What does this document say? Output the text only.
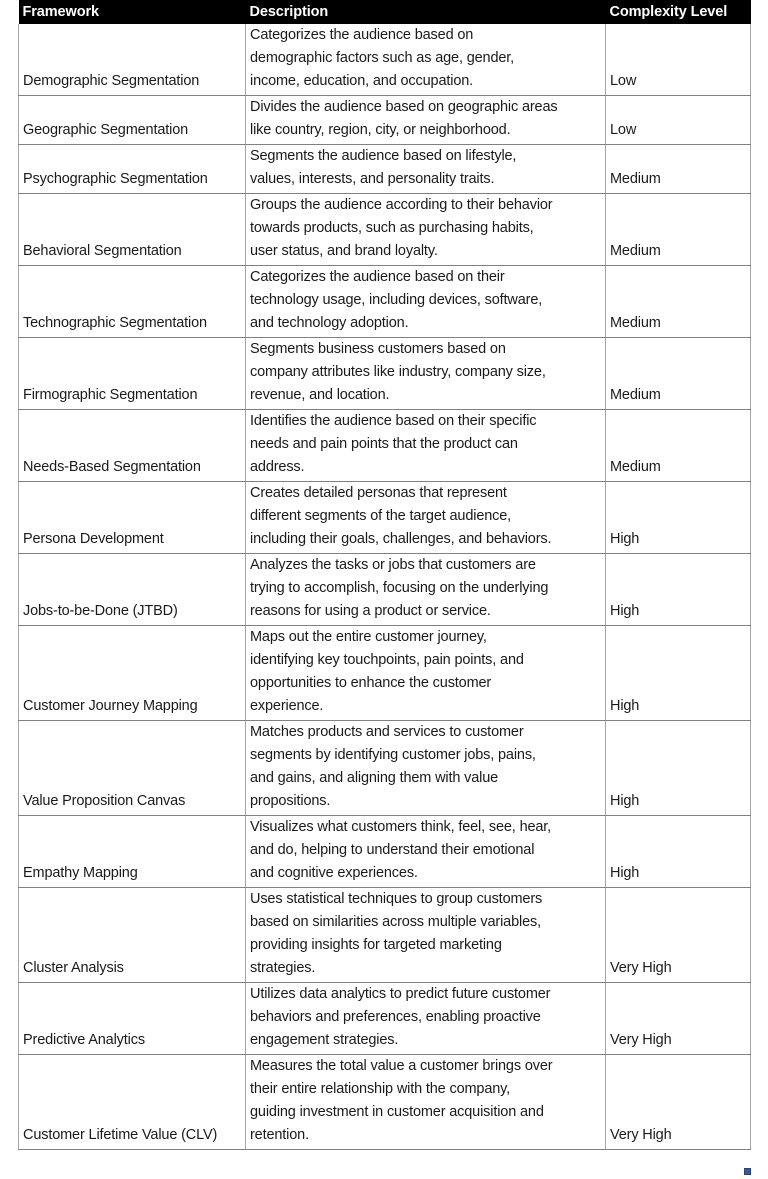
Framework	Description	Complexity Level

Demographic Segmentation	Categorizes the audience based on
demographic factors such as age, gender,
income, education, and occupation.	Low

Geographic Segmentation	Divides the audience based on geographic areas
like country, region, city, or neighborhood.	Low

Psychographic Segmentation	Segments the audience based on lifestyle,
values, interests, and personality traits.	Medium

Behavioral Segmentation	Groups the audience according to their behavior
towards products, such as purchasing habits,
user status, and brand loyalty.	Medium

Technographic Segmentation	Categorizes the audience based on their
technology usage, including devices, software,
and technology adoption.	Medium

Firmographic Segmentation	Segments business customers based on
company attributes like industry, company size,
revenue, and location.	Medium

Needs-Based Segmentation	Identifies the audience based on their specific
needs and pain points that the product can
address.	Medium

Persona Development	Creates detailed personas that represent
different segments of the target audience,
including their goals, challenges, and behaviors.	High

Jobs-to-be-Done (JTBD)	Analyzes the tasks or jobs that customers are
trying to accomplish, focusing on the underlying
reasons for using a product or service.	High

Customer Journey Mapping	Maps out the entire customer journey,
identifying key touchpoints, pain points, and
opportunities to enhance the customer
experience.	High

Value Proposition Canvas	Matches products and services to customer
segments by identifying customer jobs, pains,
and gains, and aligning them with value
propositions.	High

Empathy Mapping	Visualizes what customers think, feel, see, hear,
and do, helping to understand their emotional
and cognitive experiences.	High

Cluster Analysis	Uses statistical techniques to group customers
based on similarities across multiple variables,
providing insights for targeted marketing
strategies.	Very High

Predictive Analytics	Utilizes data analytics to predict future customer
behaviors and preferences, enabling proactive
engagement strategies.	Very High

Customer Lifetime Value (CLV)	Measures the total value a customer brings over
their entire relationship with the company,
guiding investment in customer acquisition and
retention.	Very High
